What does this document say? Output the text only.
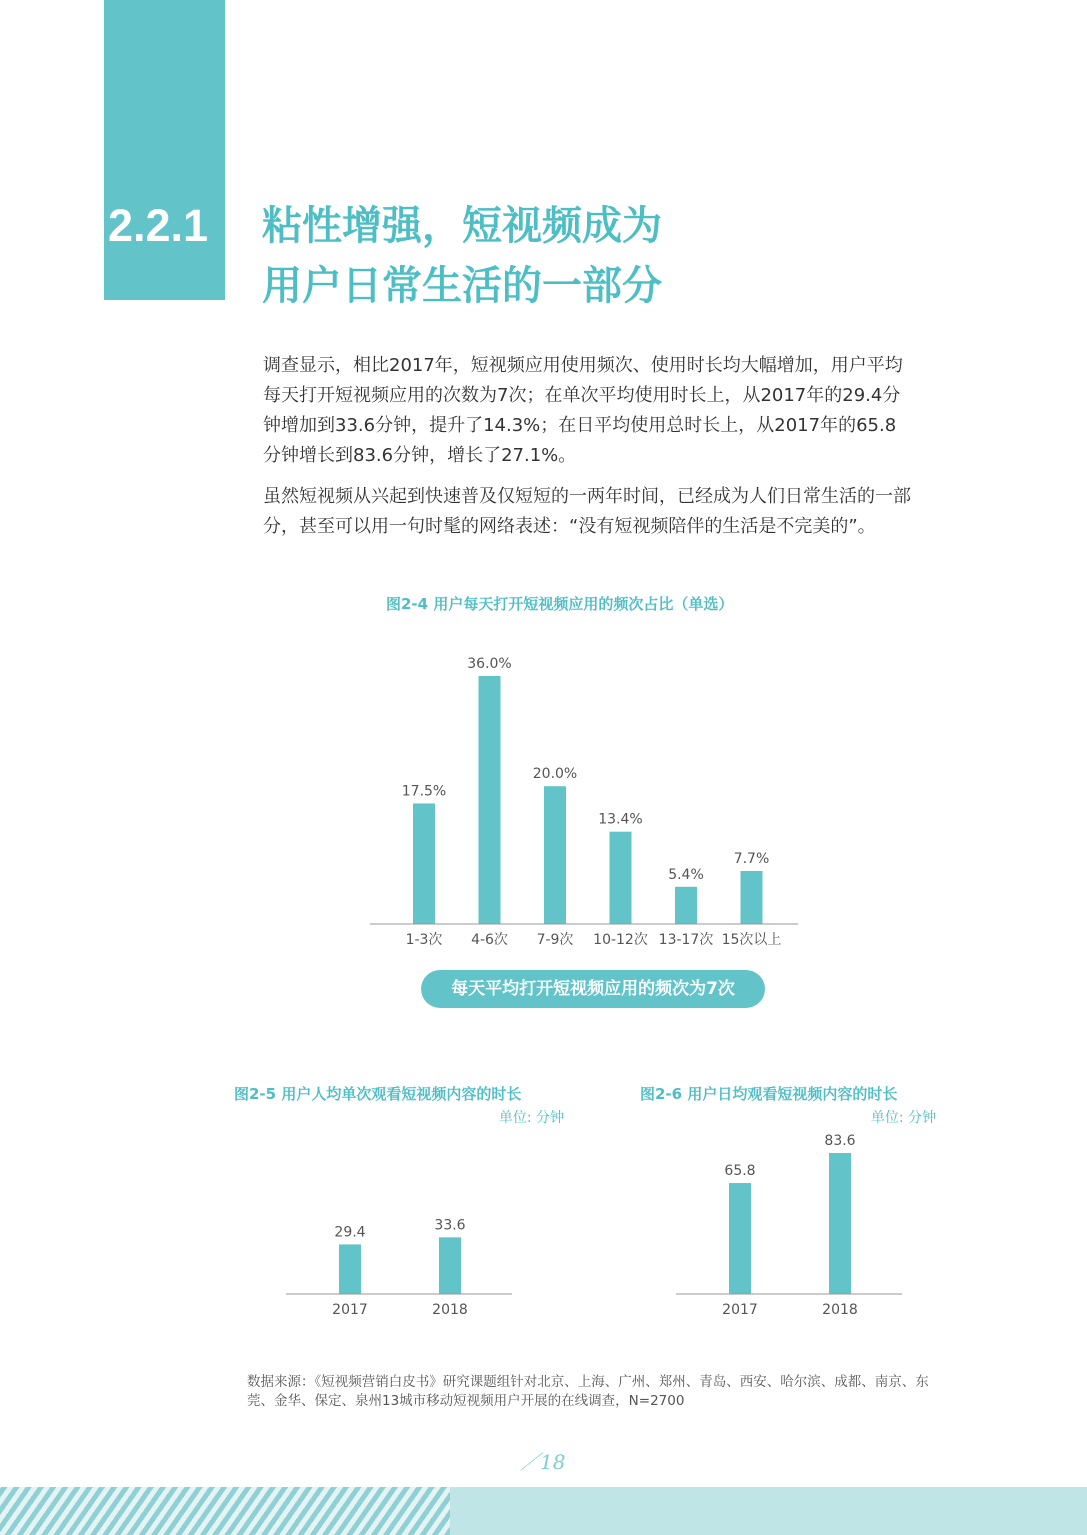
2.2.1	粘性增强，短视频成为
用户日常生活的一部分

调查显示，相比2017年，短视频应用使用频次、使用时长均大幅增加，用户平均每天打开短视频应用的次数为7次；在单次平均使用时长上，从2017年的29.4分钟增加到33.6分钟，提升了14.3%；在日平均使用总时长上，从2017年的65.8分钟增长到83.6分钟，增长了27.1%。

虽然短视频从兴起到快速普及仅短短的一两年时间，已经成为人们日常生活的一部分，甚至可以用一句时髦的网络表述：“没有短视频陪伴的生活是不完美的”。

图2-4 用户每天打开短视频应用的频次占比（单选）
17.5%
1-3次
36.0%
4-6次
20.0%
7-9次
13.4%
10-12次
5.4%
13-17次
7.7%
15次以上
每天平均打开短视频应用的频次为7次
图2-5 用户人均单次观看短视频内容的时长
单位: 分钟
29.4
2017
33.6
2018
图2-6 用户日均观看短视频内容的时长
单位: 分钟
65.8
2017
83.6
2018
数据来源：《短视频营销白皮书》研究课题组针对北京、上海、广州、郑州、青岛、西安、哈尔滨、成都、南京、东莞、金华、保定、泉州13城市移动短视频用户开展的在线调查，N=2700
／18
